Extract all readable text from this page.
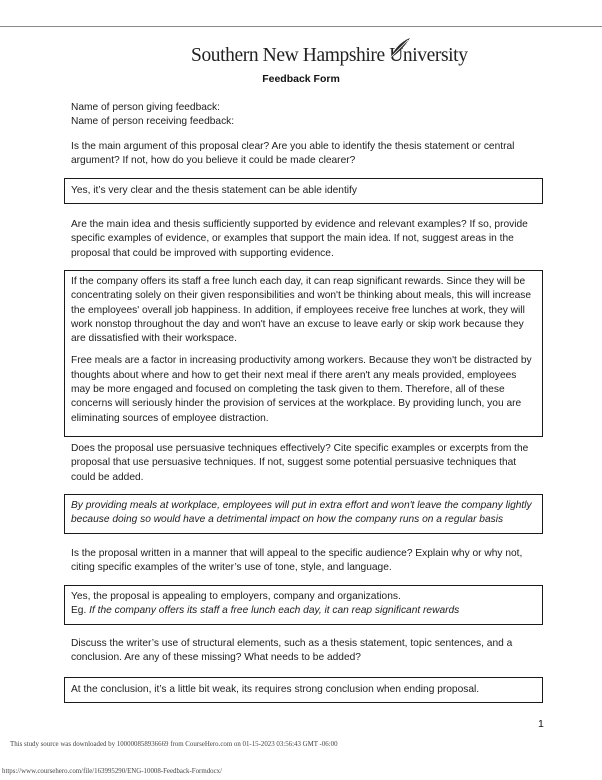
Southern New Hampshire University
Feedback Form
Name of person giving feedback:
Name of person receiving feedback:
Is the main argument of this proposal clear? Are you able to identify the thesis statement or central argument? If not, how do you believe it could be made clearer?

Yes, it’s very clear and the thesis statement can be able identify

Are the main idea and thesis sufficiently supported by evidence and relevant examples? If so, provide specific examples of evidence, or examples that support the main idea. If not, suggest areas in the proposal that could be improved with supporting evidence.

If the company offers its staff a free lunch each day, it can reap significant rewards. Since they will be concentrating solely on their given responsibilities and won't be thinking about meals, this will increase the employees' overall job happiness. In addition, if employees receive free lunches at work, they will work nonstop throughout the day and won't have an excuse to leave early or skip work because they are dissatisfied with their workspace.

Free meals are a factor in increasing productivity among workers. Because they won't be distracted by thoughts about where and how to get their next meal if there aren't any meals provided, employees may be more engaged and focused on completing the task given to them. Therefore, all of these concerns will seriously hinder the provision of services at the workplace. By providing lunch, you are eliminating sources of employee distraction.

Does the proposal use persuasive techniques effectively? Cite specific examples or excerpts from the proposal that use persuasive techniques. If not, suggest some potential persuasive techniques that could be added.

By providing meals at workplace, employees will put in extra effort and won't leave the company lightly because doing so would have a detrimental impact on how the company runs on a regular basis

Is the proposal written in a manner that will appeal to the specific audience? Explain why or why not, citing specific examples of the writer’s use of tone, style, and language.

Yes, the proposal is appealing to employers, company and organizations.

Eg. If the company offers its staff a free lunch each day, it can reap significant rewards

Discuss the writer’s use of structural elements, such as a thesis statement, topic sentences, and a conclusion. Are any of these missing? What needs to be added?

At the conclusion, it’s a little bit weak, its requires strong conclusion when ending proposal.

1
This study source was downloaded by 100000858936669 from CourseHero.com on 01-15-2023 03:56:43 GMT -06:00
https://www.coursehero.com/file/163995290/ENG-10008-Feedback-Formdocx/
